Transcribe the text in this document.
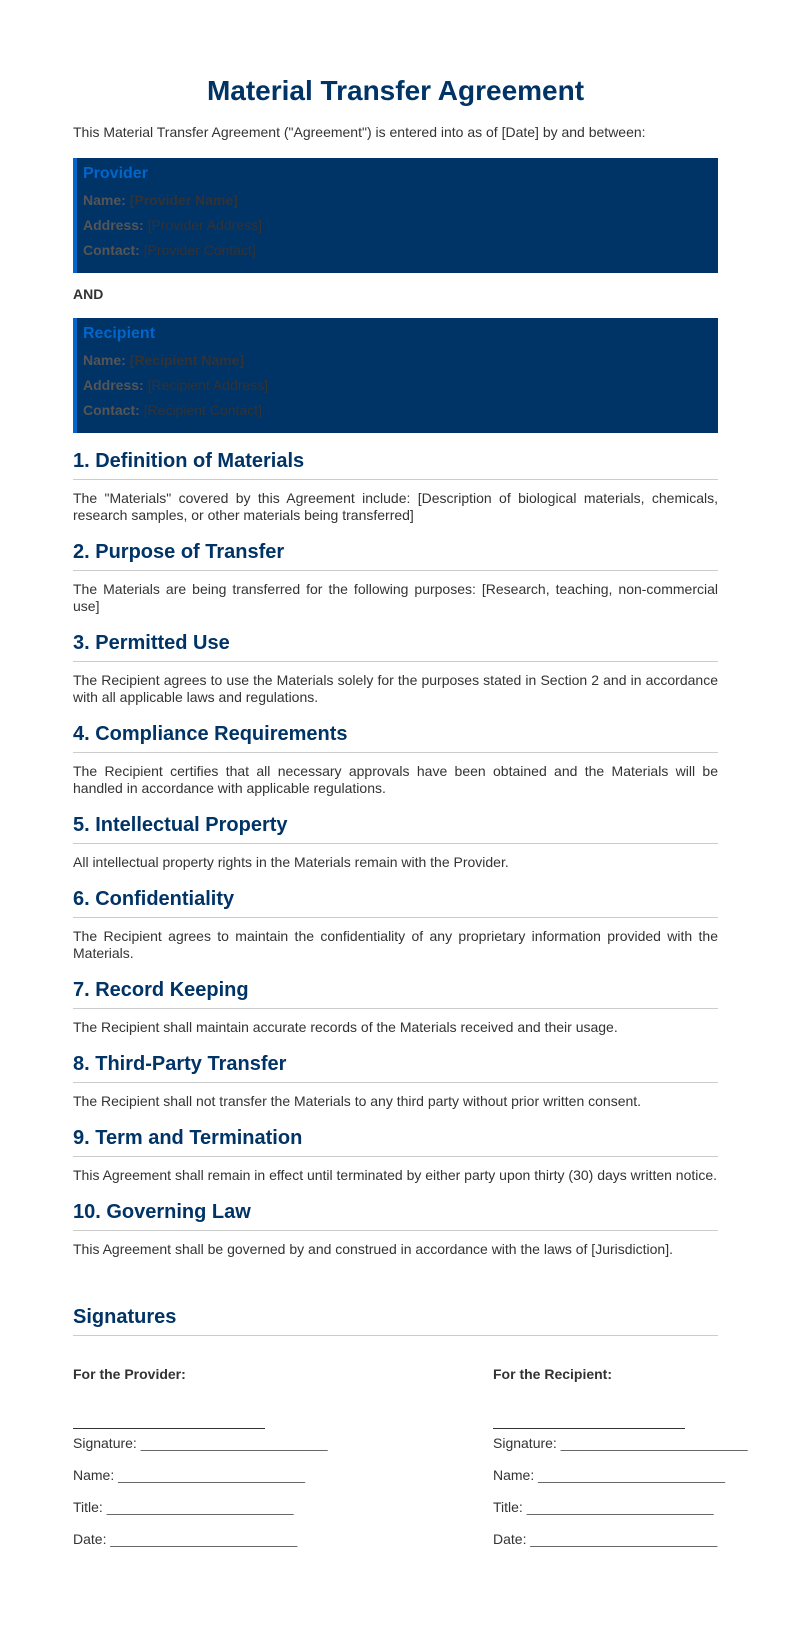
Material Transfer Agreement

This Material Transfer Agreement ("Agreement") is entered into as of [Date] by and between:

Provider
Name: [Provider Name]
Address: [Provider Address]
Contact: [Provider Contact]
AND
Recipient
Name: [Recipient Name]
Address: [Recipient Address]
Contact: [Recipient Contact]
1. Definition of Materials

The "Materials" covered by this Agreement include: [Description of biological materials, chemicals, research samples, or other materials being transferred]

2. Purpose of Transfer

The Materials are being transferred for the following purposes: [Research, teaching, non-commercial use]

3. Permitted Use

The Recipient agrees to use the Materials solely for the purposes stated in Section 2 and in accordance with all applicable laws and regulations.

4. Compliance Requirements

The Recipient certifies that all necessary approvals have been obtained and the Materials will be handled in accordance with applicable regulations.

5. Intellectual Property

All intellectual property rights in the Materials remain with the Provider.

6. Confidentiality

The Recipient agrees to maintain the confidentiality of any proprietary information provided with the Materials.

7. Record Keeping

The Recipient shall maintain accurate records of the Materials received and their usage.

8. Third-Party Transfer

The Recipient shall not transfer the Materials to any third party without prior written consent.

9. Term and Termination

This Agreement shall remain in effect until terminated by either party upon thirty (30) days written notice.

10. Governing Law

This Agreement shall be governed by and construed in accordance with the laws of [Jurisdiction].

Signatures
For the Provider:
Signature: ________________________
Name: ________________________
Title: ________________________
Date: ________________________
For the Recipient:
Signature: ________________________
Name: ________________________
Title: ________________________
Date: ________________________
